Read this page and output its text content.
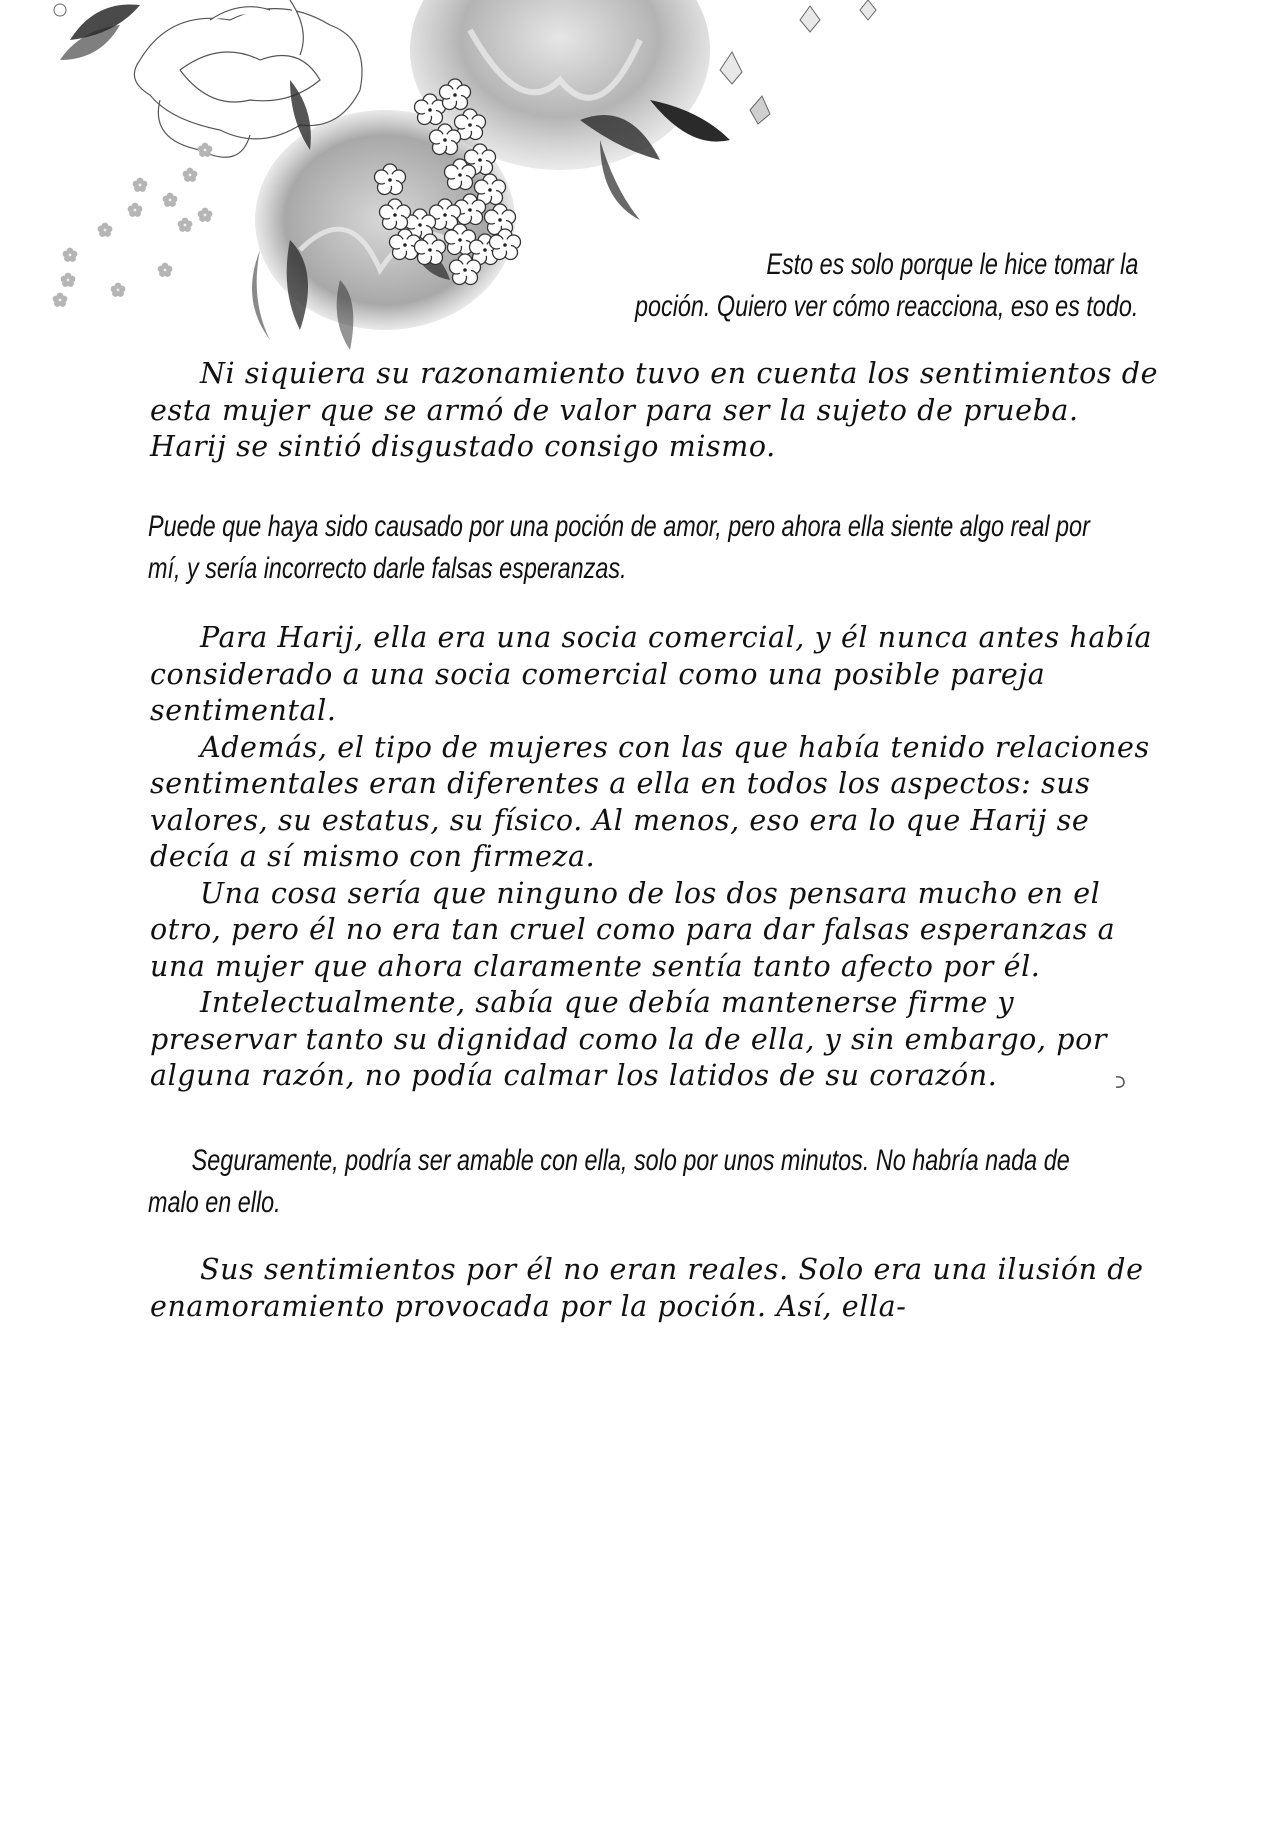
Esto es solo porque le hice tomar la
poción. Quiero ver cómo reacciona, eso es todo.

Ni siquiera su razonamiento tuvo en cuenta los sentimientos de esta mujer que se armó de valor para ser la sujeto de prueba. Harij se sintió disgustado consigo mismo.

Puede que haya sido causado por una poción de amor, pero ahora ella siente algo real por
mí, y sería incorrecto darle falsas esperanzas.

Para Harij, ella era una socia comercial, y él nunca antes había considerado a una socia comercial como una posible pareja sentimental.

Además, el tipo de mujeres con las que había tenido relaciones sentimentales eran diferentes a ella en todos los aspectos: sus valores, su estatus, su físico. Al menos, eso era lo que Harij se decía a sí mismo con firmeza.

Una cosa sería que ninguno de los dos pensara mucho en el otro, pero él no era tan cruel como para dar falsas esperanzas a una mujer que ahora claramente sentía tanto afecto por él.

Intelectualmente, sabía que debía mantenerse firme y preservar tanto su dignidad como la de ella, y sin embargo, por alguna razón, no podía calmar los latidos de su corazón.

Seguramente, podría ser amable con ella, solo por unos minutos. No habría nada de
malo en ello.

Sus sentimientos por él no eran reales. Solo era una ilusión de enamoramiento provocada por la poción. Así, ella-
